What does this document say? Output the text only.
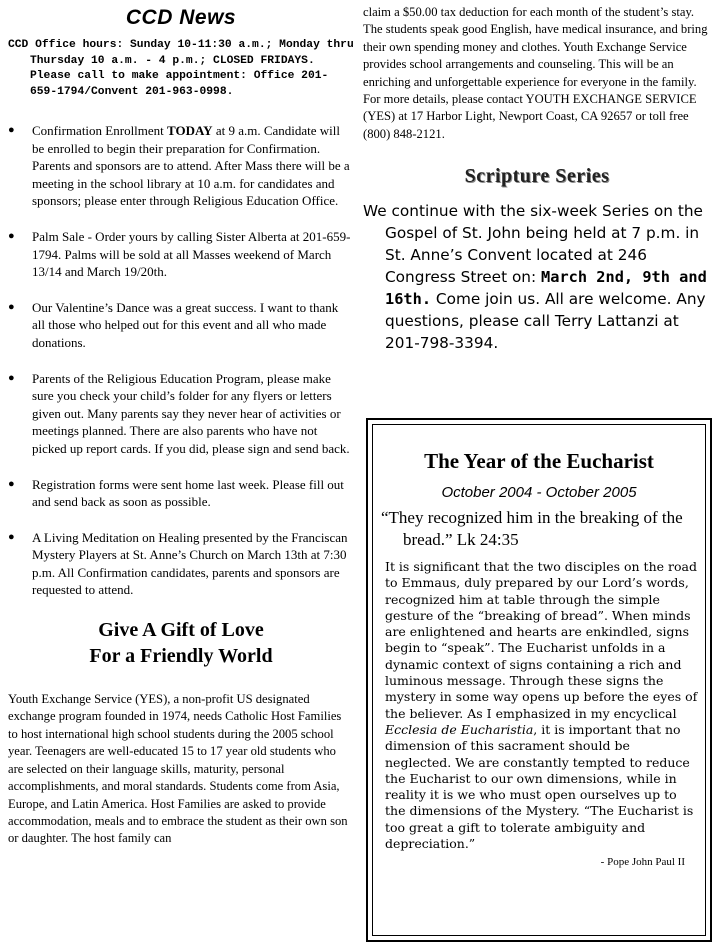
CCD News

CCD Office hours: Sunday 10-11:30 a.m.; Monday thru Thursday 10 a.m. - 4 p.m.; CLOSED FRIDAYS. Please call to make appointment: Office 201-659-1794/Convent 201-963-0998.

● Confirmation Enrollment TODAY at 9 a.m. Candidate will be enrolled to begin their preparation for Confirmation. Parents and sponsors are to attend. After Mass there will be a meeting in the school library at 10 a.m. for candidates and sponsors; please enter through Religious Education Office.
● Palm Sale - Order yours by calling Sister Alberta at 201-659-1794. Palms will be sold at all Masses weekend of March 13/14 and March 19/20th.
● Our Valentine’s Dance was a great success. I want to thank all those who helped out for this event and all who made donations.
● Parents of the Religious Education Program, please make sure you check your child’s folder for any flyers or letters given out. Many parents say they never hear of activities or meetings planned. There are also parents who have not picked up report cards. If you did, please sign and send back.
● Registration forms were sent home last week. Please fill out and send back as soon as possible.
● A Living Meditation on Healing presented by the Franciscan Mystery Players at St. Anne’s Church on March 13th at 7:30 p.m. All Confirmation candidates, parents and sponsors are requested to attend.
Give A Gift of Love
For a Friendly World

Youth Exchange Service (YES), a non-profit US designated exchange program founded in 1974, needs Catholic Host Families to host international high school students during the 2005 school year. Teenagers are well-educated 15 to 17 year old students who are selected on their language skills, maturity, personal accomplishments, and moral standards. Students come from Asia, Europe, and Latin America. Host Families are asked to provide accommodation, meals and to embrace the student as their own son or daughter. The host family can

claim a $50.00 tax deduction for each month of the student’s stay. The students speak good English, have medical insurance, and bring their own spending money and clothes. Youth Exchange Service provides school arrangements and counseling. This will be an enriching and unforgettable experience for everyone in the family. For more details, please contact YOUTH EXCHANGE SERVICE (YES) at 17 Harbor Light, Newport Coast, CA 92657 or toll free (800) 848-2121.

Scripture Series

We continue with the six-week Series on the Gospel of St. John being held at 7 p.m. in St. Anne’s Convent located at 246 Congress Street on: March 2nd, 9th and 16th. Come join us. All are welcome. Any questions, please call Terry Lattanzi at 201-798-3394.

The Year of the Eucharist

October 2004 - October 2005

“They recognized him in the breaking of the bread.” Lk 24:35

It is significant that the two disciples on the road to Emmaus, duly prepared by our Lord’s words, recognized him at table through the simple gesture of the “breaking of bread”. When minds are enlightened and hearts are enkindled, signs begin to “speak”. The Eucharist unfolds in a dynamic context of signs containing a rich and luminous message. Through these signs the mystery in some way opens up before the eyes of the believer. As I emphasized in my encyclical Ecclesia de Eucharistia, it is important that no dimension of this sacrament should be neglected. We are constantly tempted to reduce the Eucharist to our own dimensions, while in reality it is we who must open ourselves up to the dimensions of the Mystery. “The Eucharist is too great a gift to tolerate ambiguity and depreciation.”

- Pope John Paul II
